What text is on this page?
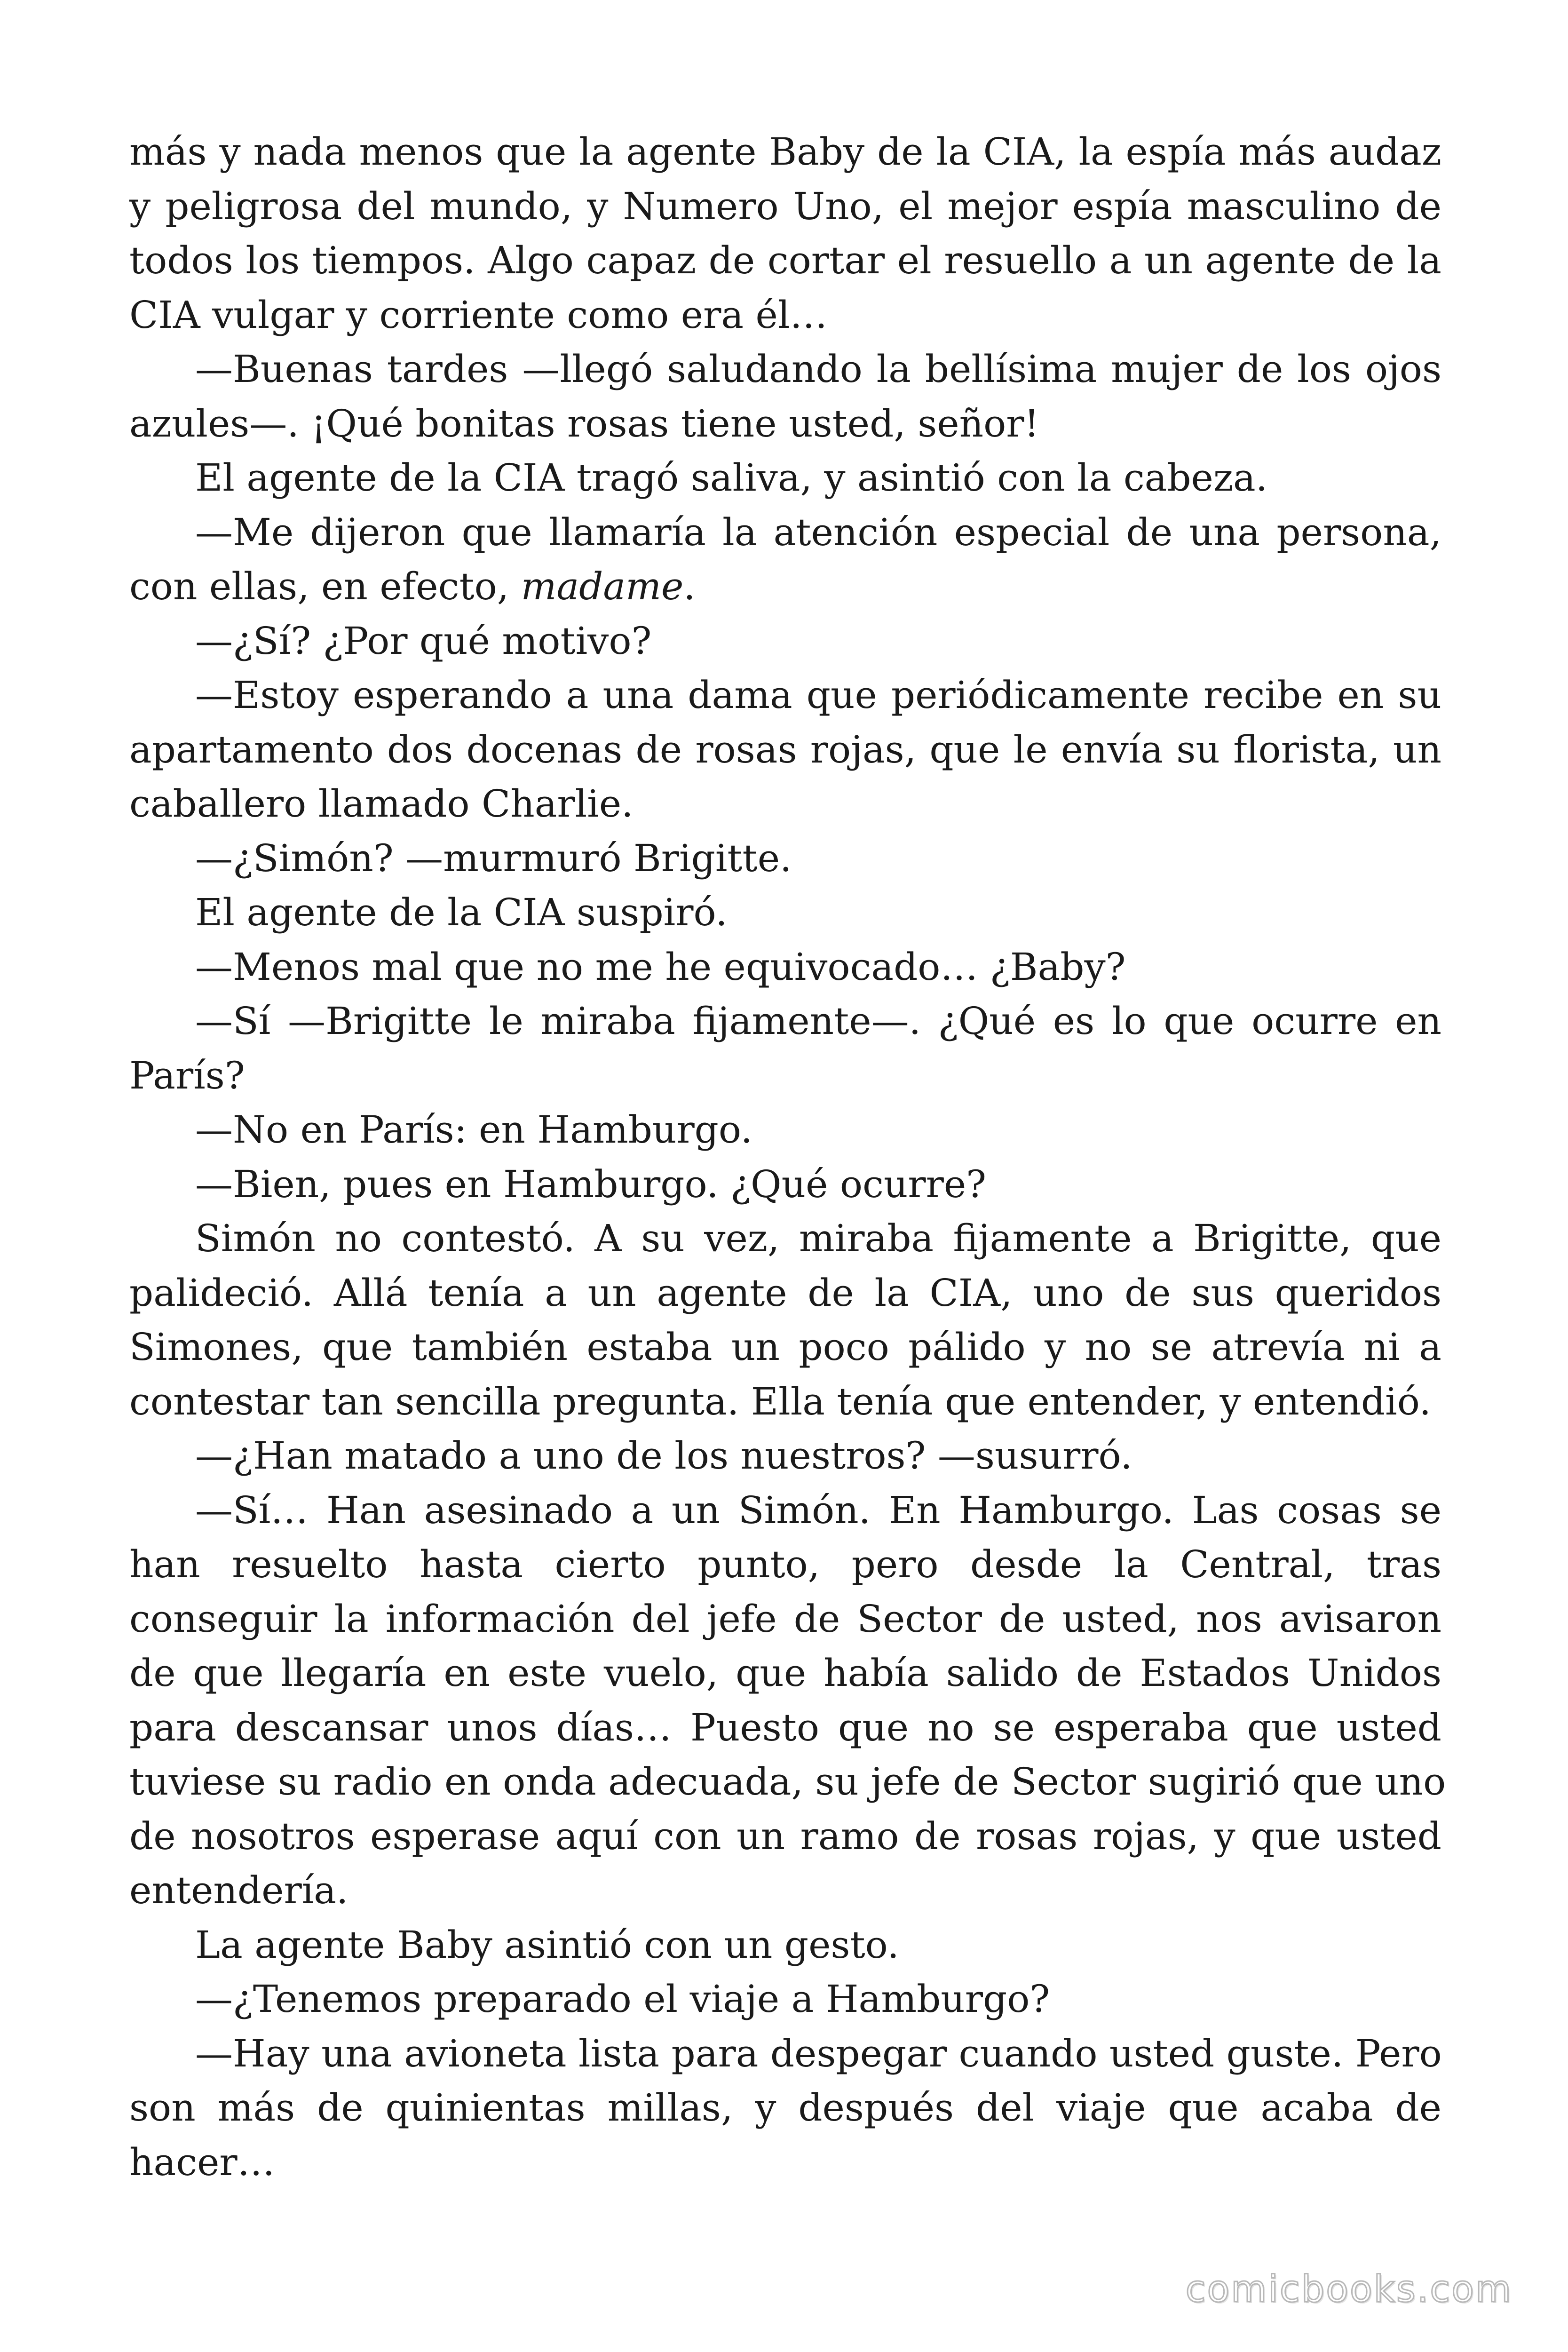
más y nada menos que la agente Baby de la CIA, la espía más audaz
y peligrosa del mundo, y Numero Uno, el mejor espía masculino de
todos los tiempos. Algo capaz de cortar el resuello a un agente de la
CIA vulgar y corriente como era él…
—Buenas tardes —llegó saludando la bellísima mujer de los ojos
azules—. ¡Qué bonitas rosas tiene usted, señor!
El agente de la CIA tragó saliva, y asintió con la cabeza.
—Me dijeron que llamaría la atención especial de una persona,
con ellas, en efecto, madame.
—¿Sí? ¿Por qué motivo?
—Estoy esperando a una dama que periódicamente recibe en su
apartamento dos docenas de rosas rojas, que le envía su florista, un
caballero llamado Charlie.
—¿Simón? —murmuró Brigitte.
El agente de la CIA suspiró.
—Menos mal que no me he equivocado… ¿Baby?
—Sí —Brigitte le miraba fijamente—. ¿Qué es lo que ocurre en
París?
—No en París: en Hamburgo.
—Bien, pues en Hamburgo. ¿Qué ocurre?
Simón no contestó. A su vez, miraba fijamente a Brigitte, que
palideció. Allá tenía a un agente de la CIA, uno de sus queridos
Simones, que también estaba un poco pálido y no se atrevía ni a
contestar tan sencilla pregunta. Ella tenía que entender, y entendió.
—¿Han matado a uno de los nuestros? —susurró.
—Sí… Han asesinado a un Simón. En Hamburgo. Las cosas se
han resuelto hasta cierto punto, pero desde la Central, tras
conseguir la información del jefe de Sector de usted, nos avisaron
de que llegaría en este vuelo, que había salido de Estados Unidos
para descansar unos días… Puesto que no se esperaba que usted
tuviese su radio en onda adecuada, su jefe de Sector sugirió que uno
de nosotros esperase aquí con un ramo de rosas rojas, y que usted
entendería.
La agente Baby asintió con un gesto.
—¿Tenemos preparado el viaje a Hamburgo?
—Hay una avioneta lista para despegar cuando usted guste. Pero
son más de quinientas millas, y después del viaje que acaba de
hacer…
comicbooks.com
